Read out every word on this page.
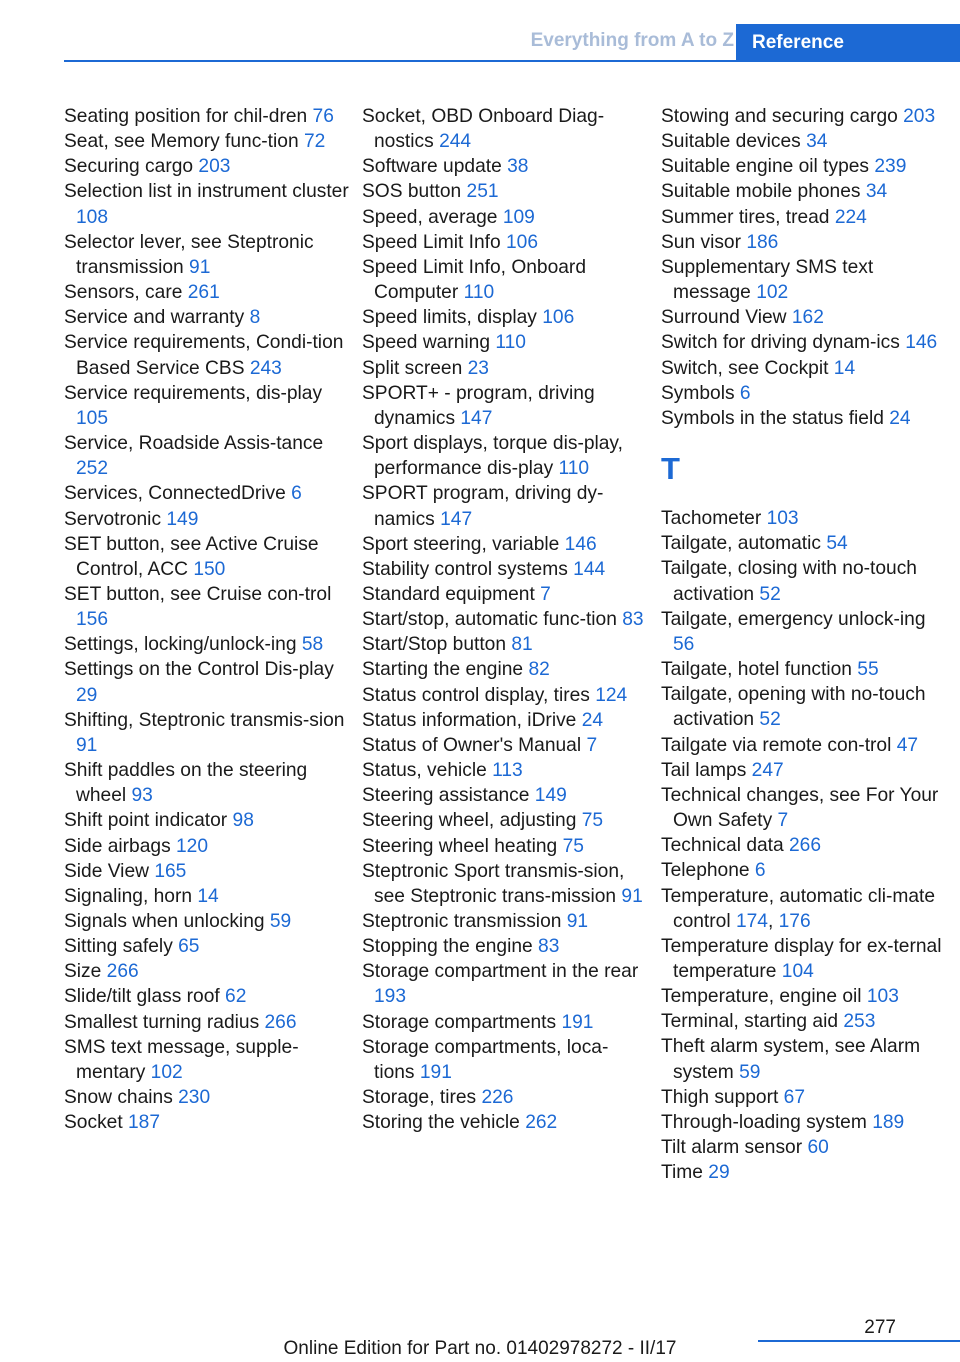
Everything from A to Z Reference
Seating position for chil-dren 76
Seat, see Memory func-tion 72
Securing cargo 203
Selection list in instrument cluster 108
Selector lever, see Steptronic transmission 91
Sensors, care 261
Service and warranty 8
Service requirements, Condi-tion Based Service CBS 243
Service requirements, dis-play 105
Service, Roadside Assis-tance 252
Services, ConnectedDrive 6
Servotronic 149
SET button, see Active Cruise Control, ACC 150
SET button, see Cruise con-trol 156
Settings, locking/unlock-ing 58
Settings on the Control Dis-play 29
Shifting, Steptronic transmis-sion 91
Shift paddles on the steering wheel 93
Shift point indicator 98
Side airbags 120
Side View 165
Signaling, horn 14
Signals when unlocking 59
Sitting safely 65
Size 266
Slide/tilt glass roof 62
Smallest turning radius 266
SMS text message, supple-mentary 102
Snow chains 230
Socket 187
Socket, OBD Onboard Diag-nostics 244
Software update 38
SOS button 251
Speed, average 109
Speed Limit Info 106
Speed Limit Info, Onboard Computer 110
Speed limits, display 106
Speed warning 110
Split screen 23
SPORT+ - program, driving dynamics 147
Sport displays, torque dis-play, performance dis-play 110
SPORT program, driving dy-namics 147
Sport steering, variable 146
Stability control systems 144
Standard equipment 7
Start/stop, automatic func-tion 83
Start/Stop button 81
Starting the engine 82
Status control display, tires 124
Status information, iDrive 24
Status of Owner's Manual 7
Status, vehicle 113
Steering assistance 149
Steering wheel, adjusting 75
Steering wheel heating 75
Steptronic Sport transmis-sion, see Steptronic trans-mission 91
Steptronic transmission 91
Stopping the engine 83
Storage compartment in the rear 193
Storage compartments 191
Storage compartments, loca-tions 191
Storage, tires 226
Storing the vehicle 262
Stowing and securing cargo 203
Suitable devices 34
Suitable engine oil types 239
Suitable mobile phones 34
Summer tires, tread 224
Sun visor 186
Supplementary SMS text message 102
Surround View 162
Switch for driving dynam-ics 146
Switch, see Cockpit 14
Symbols 6
Symbols in the status field 24
T
Tachometer 103
Tailgate, automatic 54
Tailgate, closing with no-touch activation 52
Tailgate, emergency unlock-ing 56
Tailgate, hotel function 55
Tailgate, opening with no-touch activation 52
Tailgate via remote con-trol 47
Tail lamps 247
Technical changes, see For Your Own Safety 7
Technical data 266
Telephone 6
Temperature, automatic cli-mate control 174, 176
Temperature display for ex-ternal temperature 104
Temperature, engine oil 103
Terminal, starting aid 253
Theft alarm system, see Alarm system 59
Thigh support 67
Through-loading system 189
Tilt alarm sensor 60
Time 29
277
Online Edition for Part no. 01402978272 - II/17
